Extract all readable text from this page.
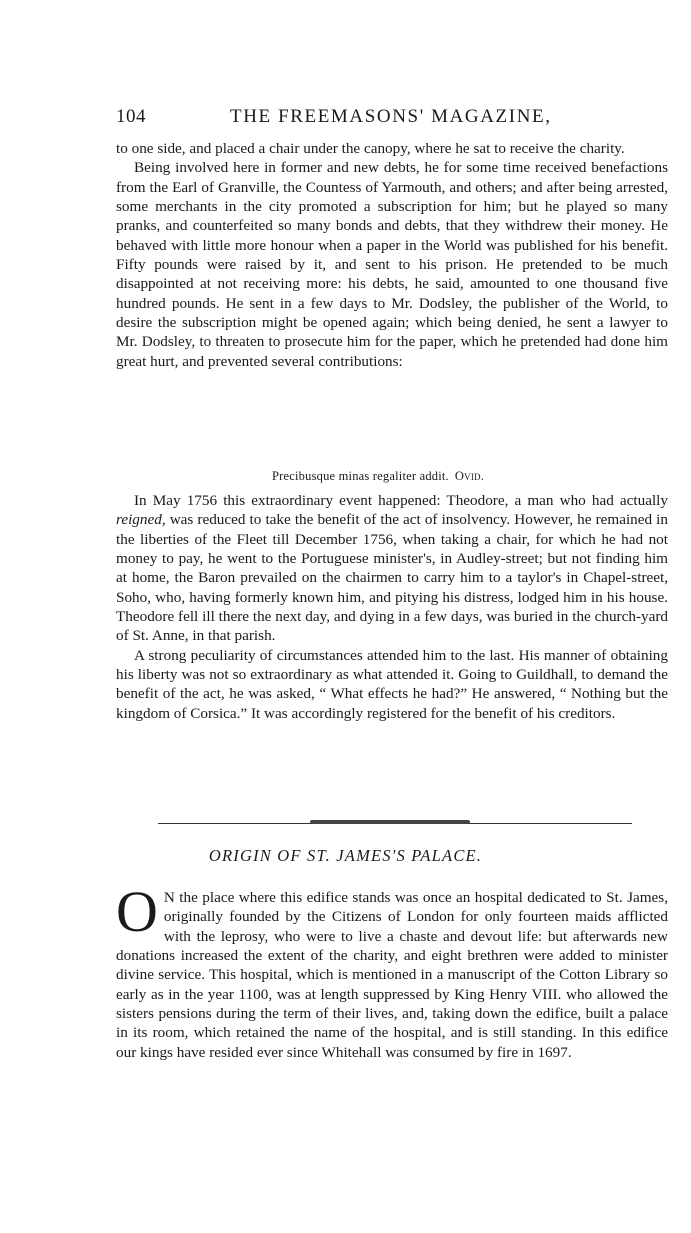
104	THE FREEMASONS' MAGAZINE,

to one side, and placed a chair under the canopy, where he sat to receive the charity.

Being involved here in former and new debts, he for some time received benefactions from the Earl of Granville, the Countess of Yarmouth, and others; and after being arrested, some merchants in the city promoted a subscription for him; but he played so many pranks, and counterfeited so many bonds and debts, that they withdrew their money. He behaved with little more honour when a paper in the World was published for his benefit. Fifty pounds were raised by it, and sent to his prison. He pretended to be much disappointed at not receiving more: his debts, he said, amounted to one thousand five hundred pounds. He sent in a few days to Mr. Dodsley, the publisher of the World, to desire the subscription might be opened again; which being denied, he sent a lawyer to Mr. Dodsley, to threaten to prosecute him for the paper, which he pretended had done him great hurt, and prevented several contributions:

Precibusque minas regaliter addit. Ovid.

In May 1756 this extraordinary event happened: Theodore, a man who had actually reigned, was reduced to take the benefit of the act of insolvency. However, he remained in the liberties of the Fleet till December 1756, when taking a chair, for which he had not money to pay, he went to the Portuguese minister's, in Audley-street; but not finding him at home, the Baron prevailed on the chairmen to carry him to a taylor's in Chapel-street, Soho, who, having formerly known him, and pitying his distress, lodged him in his house. Theodore fell ill there the next day, and dying in a few days, was buried in the church-yard of St. Anne, in that parish.

A strong peculiarity of circumstances attended him to the last. His manner of obtaining his liberty was not so extraordinary as what attended it. Going to Guildhall, to demand the benefit of the act, he was asked, “ What effects he had?” He answered, “ Nothing but the kingdom of Corsica.” It was accordingly registered for the benefit of his creditors.

ORIGIN OF ST. JAMES'S PALACE.

O N the place where this edifice stands was once an hospital dedicated to St. James, originally founded by the Citizens of London for only fourteen maids afflicted with the leprosy, who were to live a chaste and devout life: but afterwards new donations increased the extent of the charity, and eight brethren were added to minister divine service. This hospital, which is mentioned in a manuscript of the Cotton Library so early as in the year 1100, was at length suppressed by King Henry VIII. who allowed the sisters pensions during the term of their lives, and, taking down the edifice, built a palace in its room, which retained the name of the hospital, and is still standing. In this edifice our kings have resided ever since Whitehall was consumed by fire in 1697.
